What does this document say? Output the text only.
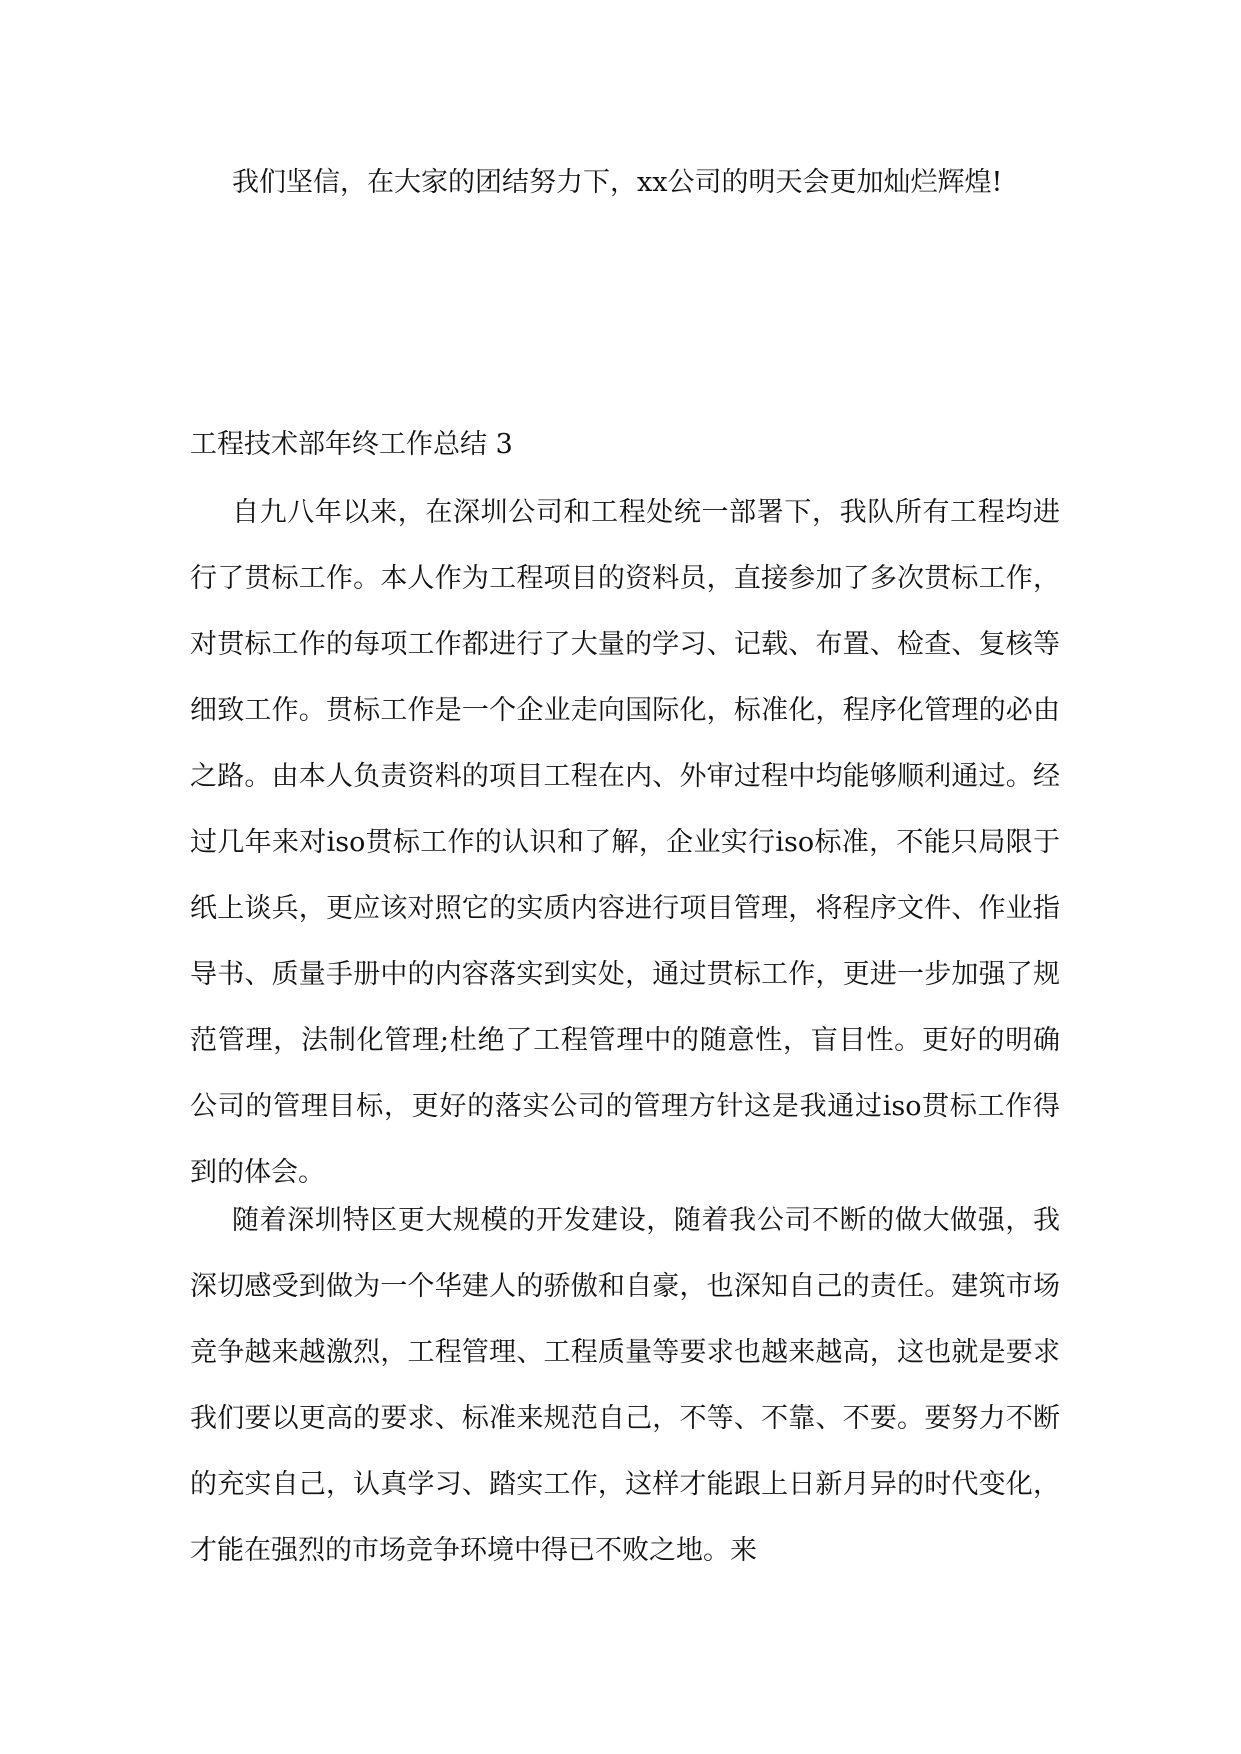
我们坚信，在大家的团结努力下，xx公司的明天会更加灿烂辉煌!

工程技术部年终工作总结 3

自九八年以来，在深圳公司和工程处统一部署下，我队所有工程均进行了贯标工作。本人作为工程项目的资料员，直接参加了多次贯标工作，对贯标工作的每项工作都进行了大量的学习、记载、布置、检查、复核等细致工作。贯标工作是一个企业走向国际化，标准化，程序化管理的必由之路。由本人负责资料的项目工程在内、外审过程中均能够顺利通过。经过几年来对iso贯标工作的认识和了解，企业实行iso标准，不能只局限于纸上谈兵，更应该对照它的实质内容进行项目管理，将程序文件、作业指导书、质量手册中的内容落实到实处，通过贯标工作，更进一步加强了规范管理，法制化管理;杜绝了工程管理中的随意性，盲目性。更好的明确公司的管理目标，更好的落实公司的管理方针这是我通过iso贯标工作得到的体会。

随着深圳特区更大规模的开发建设，随着我公司不断的做大做强，我深切感受到做为一个华建人的骄傲和自豪，也深知自己的责任。建筑市场竞争越来越激烈，工程管理、工程质量等要求也越来越高，这也就是要求我们要以更高的要求、标准来规范自己，不等、不靠、不要。要努力不断的充实自己，认真学习、踏实工作，这样才能跟上日新月异的时代变化，才能在强烈的市场竞争环境中得已不败之地。来
